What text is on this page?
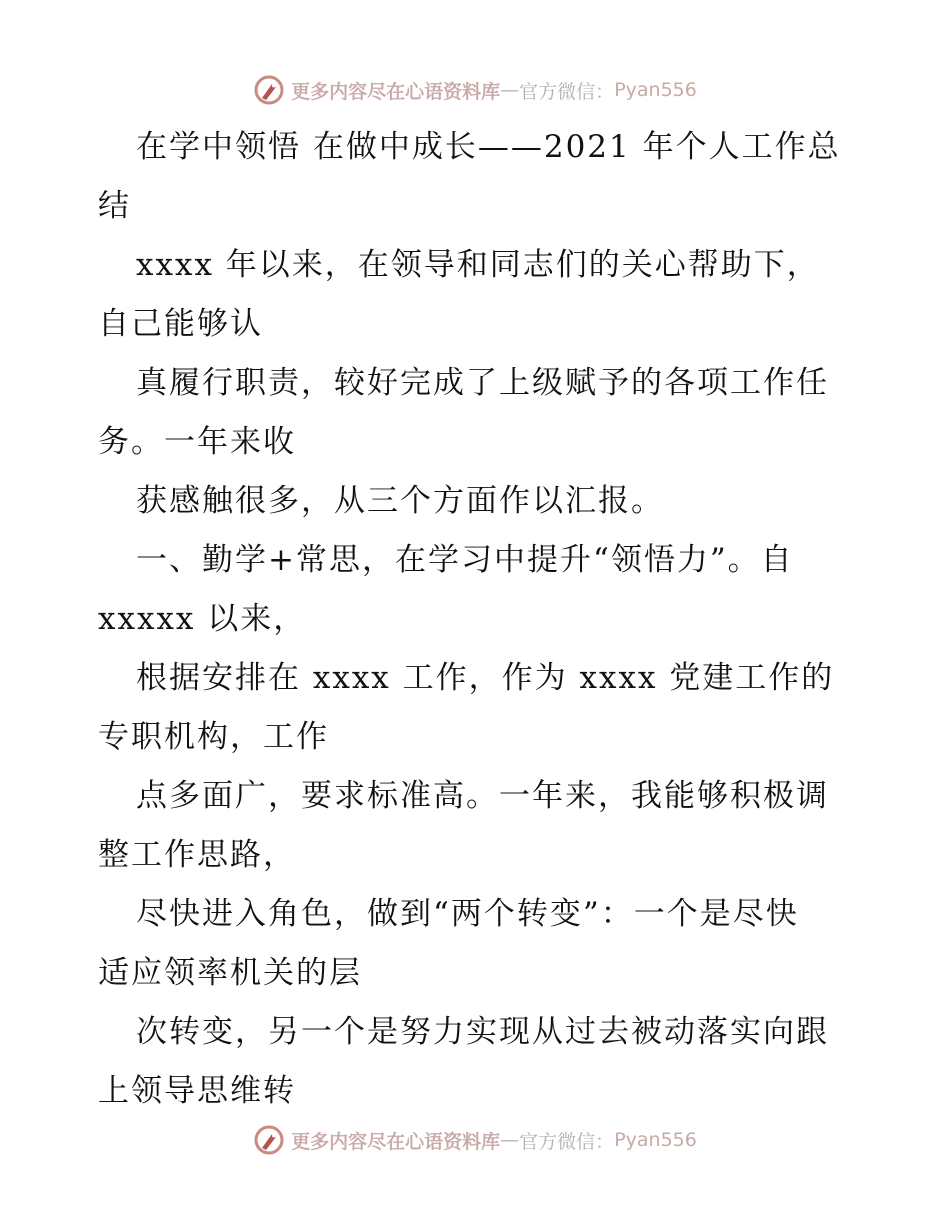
更多内容尽在心语资料库 — 官方微信： Pyan556
在学中领悟 在做中成长——2021 年个人工作总
结
xxxx 年以来，在领导和同志们的关心帮助下，
自己能够认
真履行职责，较好完成了上级赋予的各项工作任
务。一年来收
获感触很多，从三个方面作以汇报。
一、勤学+常思，在学习中提升“领悟力”。自
xxxxx 以来，
根据安排在 xxxx 工作，作为 xxxx 党建工作的
专职机构，工作
点多面广，要求标准高。一年来，我能够积极调
整工作思路，
尽快进入角色，做到“两个转变”：一个是尽快
适应领率机关的层
次转变，另一个是努力实现从过去被动落实向跟
上领导思维转
更多内容尽在心语资料库 — 官方微信： Pyan556
